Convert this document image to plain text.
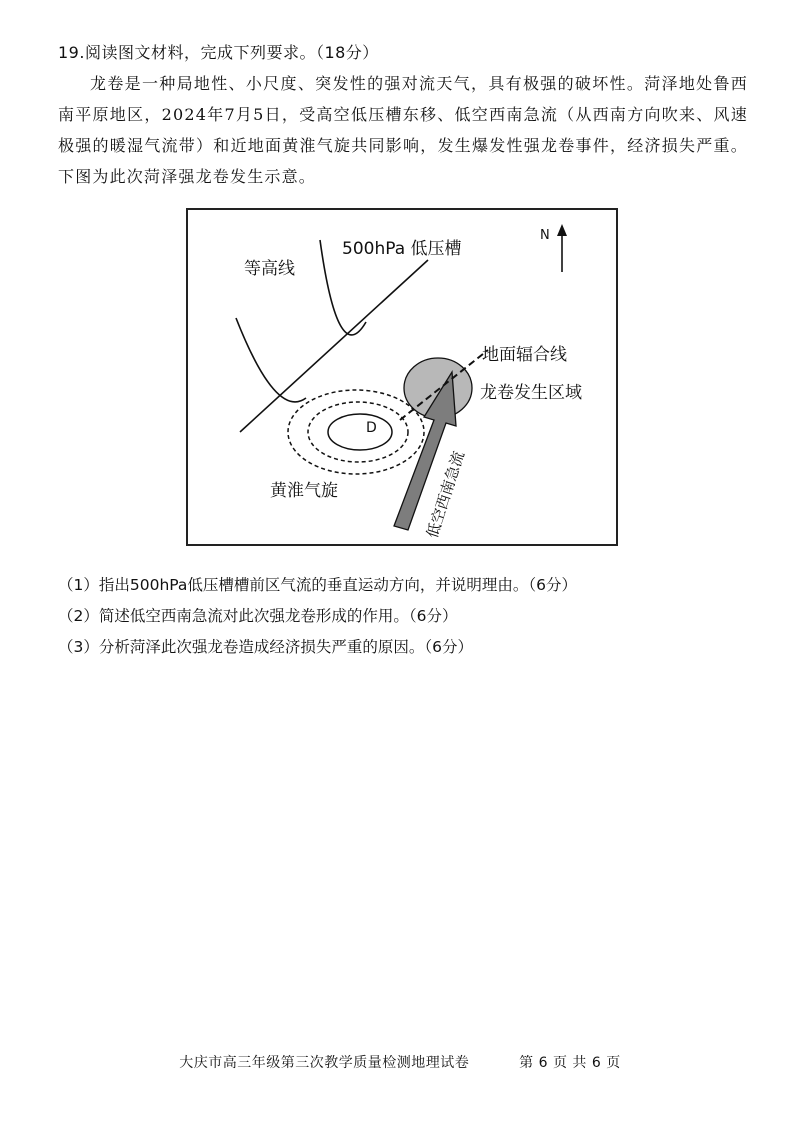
19.阅读图文材料，完成下列要求。（18分）
龙卷是一种局地性、小尺度、突发性的强对流天气，具有极强的破坏性。菏泽地处鲁西南平原地区，2024年7月5日，受高空低压槽东移、低空西南急流（从西南方向吹来、风速极强的暖湿气流带）和近地面黄淮气旋共同影响，发生爆发性强龙卷事件，经济损失严重。下图为此次菏泽强龙卷发生示意。
等高线
500hPa 低压槽
N
地面辐合线
龙卷发生区域
D
黄淮气旋	低空西南急流
（1）指出500hPa低压槽槽前区气流的垂直运动方向，并说明理由。（6分）
（2）简述低空西南急流对此次强龙卷形成的作用。（6分）
（3）分析菏泽此次强龙卷造成经济损失严重的原因。（6分）
大庆市高三年级第三次教学质量检测地理试卷	第 6 页 共 6 页
